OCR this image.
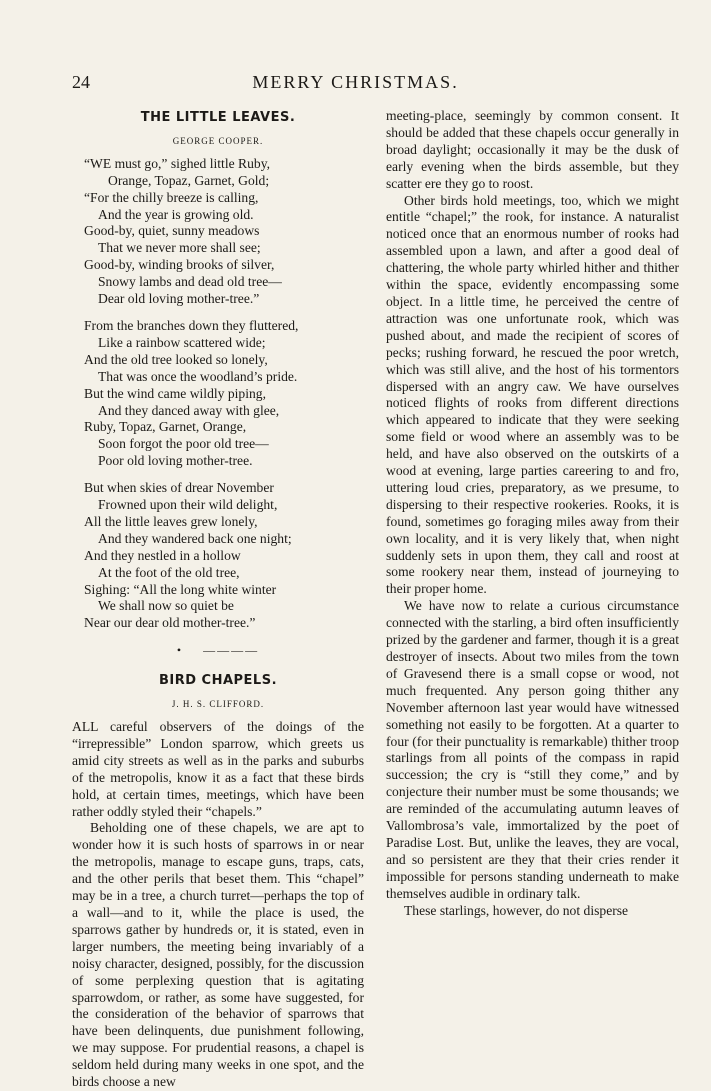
24	MERRY CHRISTMAS.
THE LITTLE LEAVES.
GEORGE COOPER.
“WE must go,” sighed little Ruby,
Orange, Topaz, Garnet, Gold;
“For the chilly breeze is calling,
And the year is growing old.
Good-by, quiet, sunny meadows
That we never more shall see;
Good-by, winding brooks of silver,
Snowy lambs and dead old tree—
Dear old loving mother-tree.”
From the branches down they fluttered,
Like a rainbow scattered wide;
And the old tree looked so lonely,
That was once the woodland’s pride.
But the wind came wildly piping,
And they danced away with glee,
Ruby, Topaz, Garnet, Orange,
Soon forgot the poor old tree—
Poor old loving mother-tree.
But when skies of drear November
Frowned upon their wild delight,
All the little leaves grew lonely,
And they wandered back one night;
And they nestled in a hollow
At the foot of the old tree,
Sighing: “All the long white winter
We shall now so quiet be
Near our dear old mother-tree.”
•    ————
BIRD CHAPELS.
J. H. S. CLIFFORD.

ALL careful observers of the doings of the “irrepressible” London sparrow, which greets us amid city streets as well as in the parks and suburbs of the metropolis, know it as a fact that these birds hold, at certain times, meetings, which have been rather oddly styled their “chapels.”

Beholding one of these chapels, we are apt to wonder how it is such hosts of sparrows in or near the metropolis, manage to escape guns, traps, cats, and the other perils that beset them. This “chapel” may be in a tree, a church turret—perhaps the top of a wall—and to it, while the place is used, the sparrows gather by hundreds or, it is stated, even in larger numbers, the meeting being invariably of a noisy character, designed, possibly, for the discussion of some perplexing question that is agitating sparrowdom, or rather, as some have suggested, for the consideration of the behavior of sparrows that have been delinquents, due punishment following, we may suppose. For prudential reasons, a chapel is seldom held during many weeks in one spot, and the birds choose a new

meeting-place, seemingly by common consent. It should be added that these chapels occur generally in broad daylight; occasionally it may be the dusk of early evening when the birds assemble, but they scatter ere they go to roost.

Other birds hold meetings, too, which we might entitle “chapel;” the rook, for instance. A naturalist noticed once that an enormous number of rooks had assembled upon a lawn, and after a good deal of chattering, the whole party whirled hither and thither within the space, evidently encompassing some object. In a little time, he perceived the centre of attraction was one unfortunate rook, which was pushed about, and made the recipient of scores of pecks; rushing forward, he rescued the poor wretch, which was still alive, and the host of his tormentors dispersed with an angry caw. We have ourselves noticed flights of rooks from different directions which appeared to indicate that they were seeking some field or wood where an assembly was to be held, and have also observed on the outskirts of a wood at evening, large parties careering to and fro, uttering loud cries, preparatory, as we presume, to dispersing to their respective rookeries. Rooks, it is found, sometimes go foraging miles away from their own locality, and it is very likely that, when night suddenly sets in upon them, they call and roost at some rookery near them, instead of journeying to their proper home.

We have now to relate a curious circumstance connected with the starling, a bird often insufficiently prized by the gardener and farmer, though it is a great destroyer of insects. About two miles from the town of Gravesend there is a small copse or wood, not much frequented. Any person going thither any November afternoon last year would have witnessed something not easily to be forgotten. At a quarter to four (for their punctuality is remarkable) thither troop starlings from all points of the compass in rapid succession; the cry is “still they come,” and by conjecture their number must be some thousands; we are reminded of the accumulating autumn leaves of Vallombrosa’s vale, immortalized by the poet of Paradise Lost. But, unlike the leaves, they are vocal, and so persistent are they that their cries render it impossible for persons standing underneath to make themselves audible in ordinary talk.

These starlings, however, do not disperse
